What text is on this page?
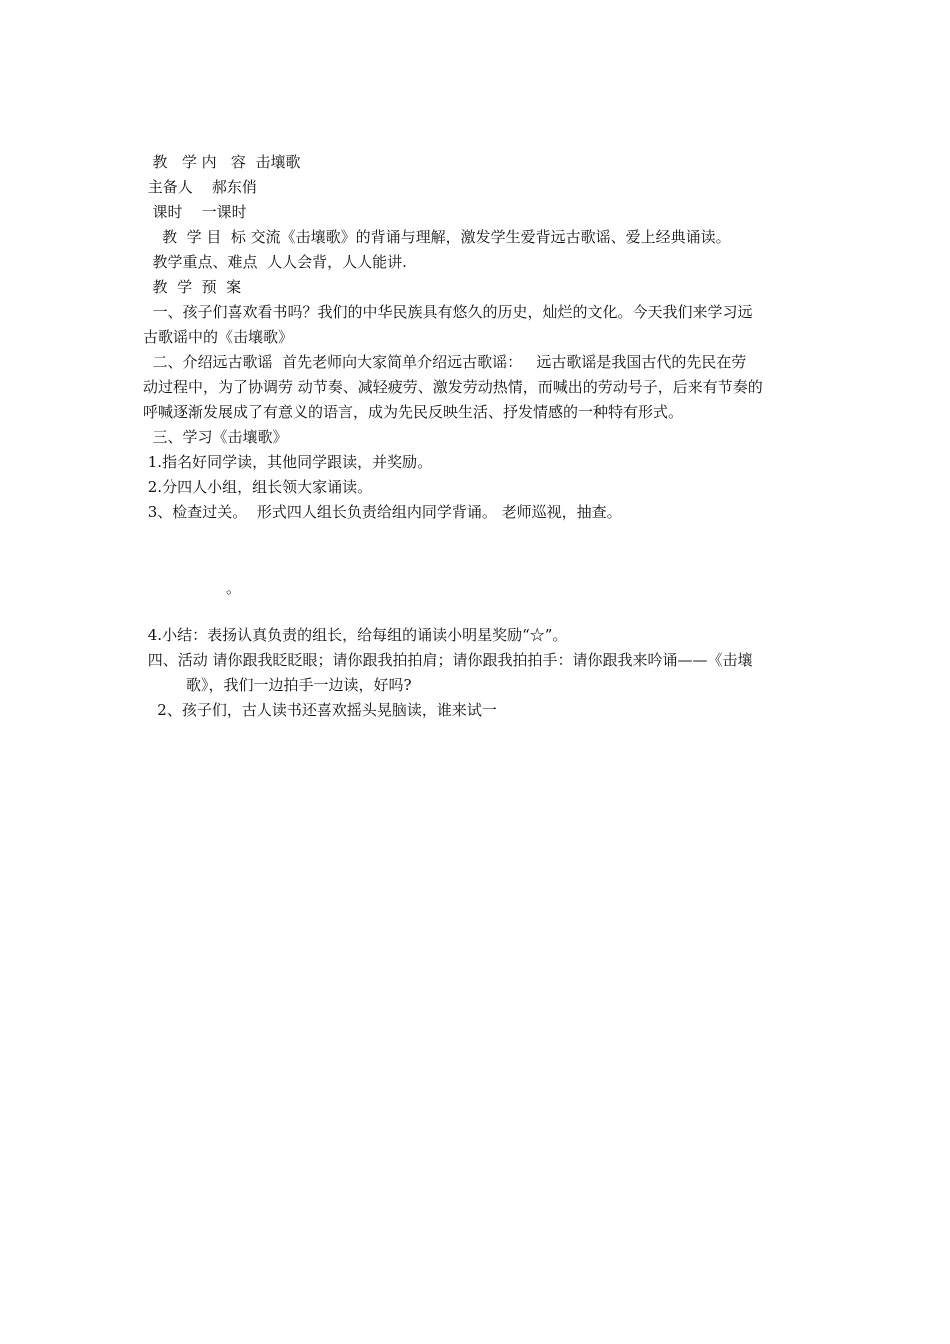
教   学 内   容  击壤歌
主备人    郝东俏
课时    一课时
教  学 目  标 交流《击壤歌》的背诵与理解，激发学生爱背远古歌谣、爱上经典诵读。
教学重点、难点  人人会背，人人能讲.
教  学  预  案
一、孩子们喜欢看书吗？我们的中华民族具有悠久的历史，灿烂的文化。今天我们来学习远
古歌谣中的《击壤歌》
二、介绍远古歌谣  首先老师向大家简单介绍远古歌谣：   远古歌谣是我国古代的先民在劳
动过程中，为了协调劳 动节奏、减轻疲劳、激发劳动热情，而喊出的劳动号子，后来有节奏的
呼喊逐渐发展成了有意义的语言，成为先民反映生活、抒发情感的一种特有形式。
三、学习《击壤歌》
1.指名好同学读，其他同学跟读，并奖励。
2.分四人小组，组长领大家诵读。
3、检查过关。  形式四人组长负责给组内同学背诵。 老师巡视，抽查。
。
4.小结：表扬认真负责的组长，给每组的诵读小明星奖励“☆”。
四、活动 请你跟我眨眨眼；请你跟我拍拍肩；请你跟我拍拍手：请你跟我来吟诵——《击壤
歌》，我们一边拍手一边读，好吗?
2、孩子们，古人读书还喜欢摇头晃脑读，谁来试一
